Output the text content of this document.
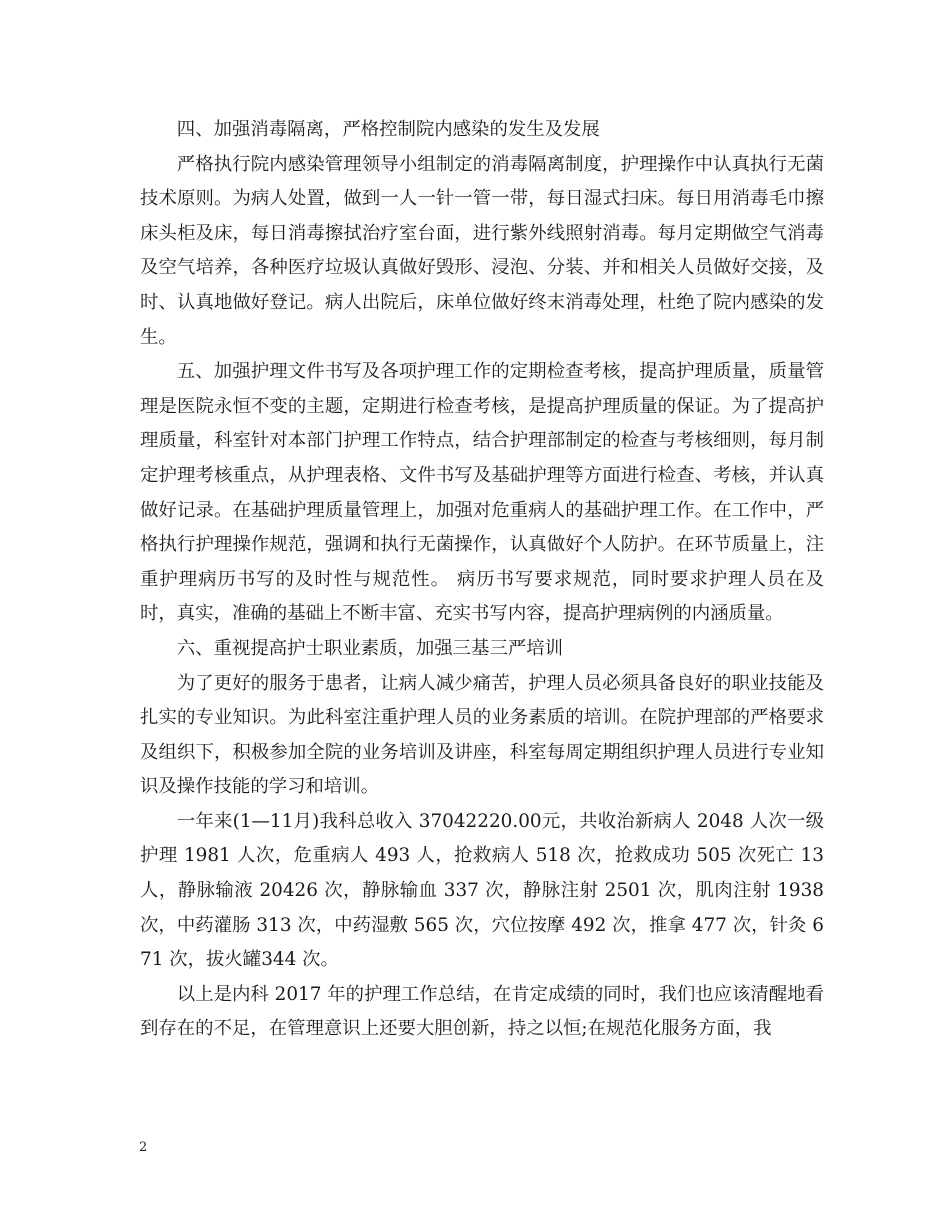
四、加强消毒隔离，严格控制院内感染的发生及发展

严格执行院内感染管理领导小组制定的消毒隔离制度，护理操作中认真执行无菌技术原则。为病人处置，做到一人一针一管一带，每日湿式扫床。每日用消毒毛巾擦床头柜及床，每日消毒擦拭治疗室台面，进行紫外线照射消毒。每月定期做空气消毒及空气培养，各种医疗垃圾认真做好毁形、浸泡、分装、并和相关人员做好交接，及时、认真地做好登记。病人出院后，床单位做好终末消毒处理，杜绝了院内感染的发生。

五、加强护理文件书写及各项护理工作的定期检查考核，提高护理质量，质量管理是医院永恒不变的主题，定期进行检查考核，是提高护理质量的保证。为了提高护理质量，科室针对本部门护理工作特点，结合护理部制定的检查与考核细则，每月制定护理考核重点，从护理表格、文件书写及基础护理等方面进行检查、考核，并认真做好记录。在基础护理质量管理上，加强对危重病人的基础护理工作。在工作中，严格执行护理操作规范，强调和执行无菌操作，认真做好个人防护。在环节质量上，注重护理病历书写的及时性与规范性。 病历书写要求规范，同时要求护理人员在及时，真实，准确的基础上不断丰富、充实书写内容，提高护理病例的内涵质量。

六、重视提高护士职业素质，加强三基三严培训

为了更好的服务于患者，让病人减少痛苦，护理人员必须具备良好的职业技能及扎实的专业知识。为此科室注重护理人员的业务素质的培训。在院护理部的严格要求及组织下，积极参加全院的业务培训及讲座，科室每周定期组织护理人员进行专业知识及操作技能的学习和培训。

一年来(1—11月)我科总收入 37042220.00元，共收治新病人 2048 人次一级护理 1981 人次，危重病人 493 人，抢救病人 518 次，抢救成功 505 次死亡 13 人，静脉输液 20426 次，静脉输血 337 次，静脉注射 2501 次，肌肉注射 1938 次，中药灌肠 313 次，中药湿敷 565 次，穴位按摩 492 次，推拿 477 次，针灸 671 次，拔火罐344 次。

以上是内科 2017 年的护理工作总结，在肯定成绩的同时，我们也应该清醒地看到存在的不足，在管理意识上还要大胆创新，持之以恒;在规范化服务方面，我

2
